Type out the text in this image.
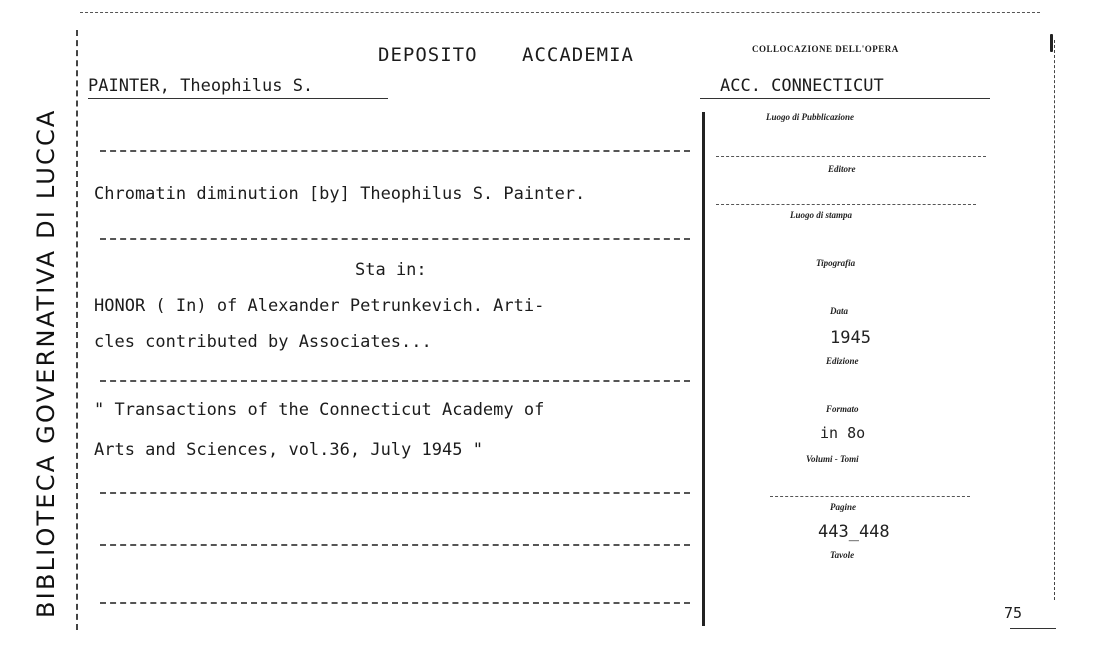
BIBLIOTECA GOVERNATIVA DI LUCCA
DEPOSITO ACCADEMIA	COLLOCAZIONE DELL'OPERA
PAINTER, Theophilus S.	ACC. CONNECTICUT
Chromatin diminution [by] Theophilus S. Painter.
Sta in:
HONOR ( In) of Alexander Petrunkevich. Arti-
cles contributed by Associates...
" Transactions of the Connecticut Academy of
Arts and Sciences, vol.36, July 1945 "
Luogo di Pubblicazione
Editore
Luogo di stampa
Tipografia
Data
1945
Edizione
Formato
in 8o
Volumi - Tomi
Pagine
443_448
Tavole
75
